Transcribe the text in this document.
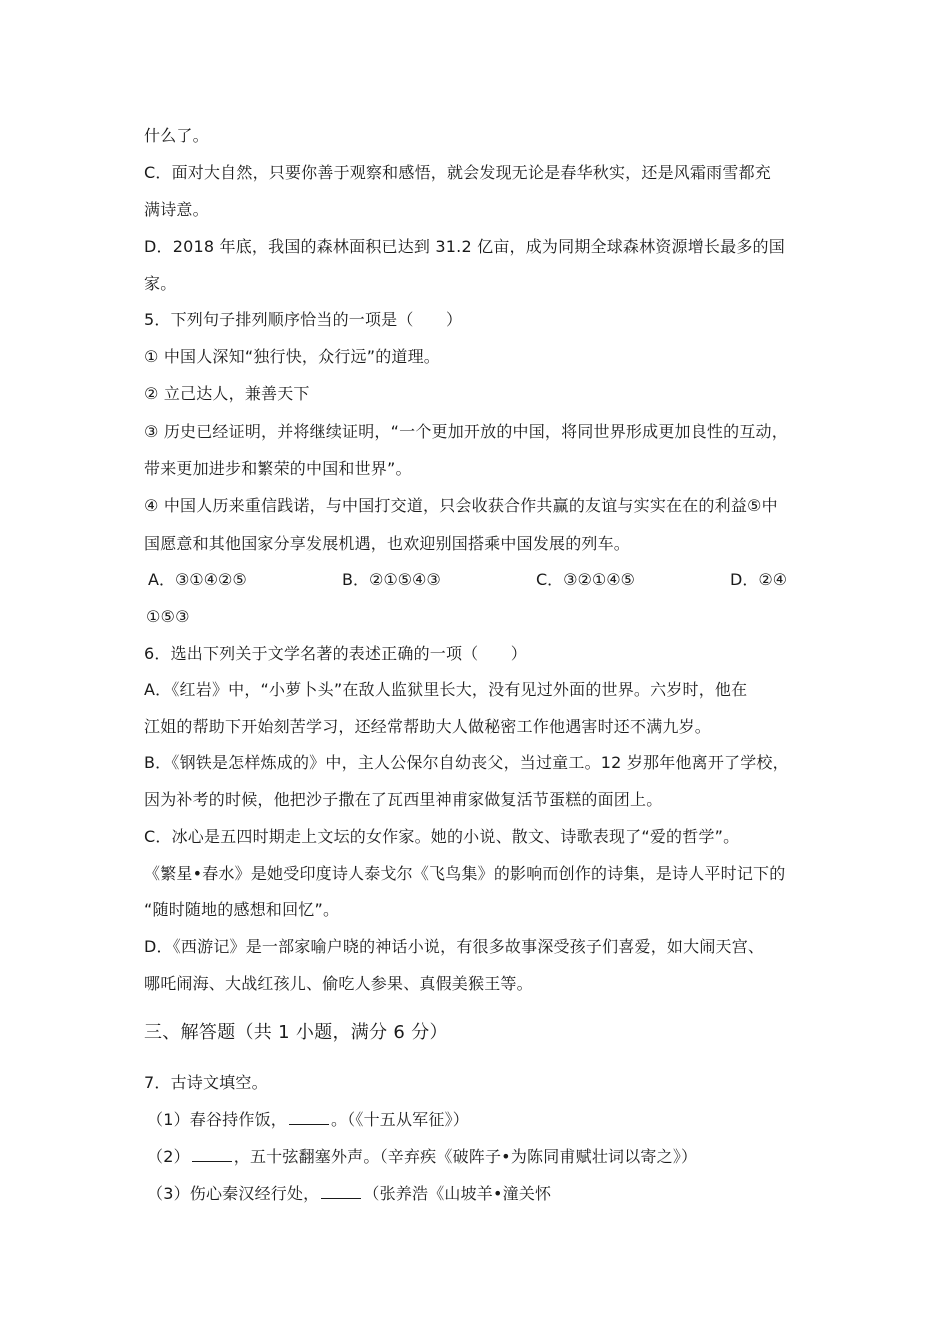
什么了。
C．面对大自然，只要你善于观察和感悟，就会发现无论是春华秋实，还是风霜雨雪都充
满诗意。
D．2018 年底，我国的森林面积已达到 31.2 亿亩，成为同期全球森林资源增长最多的国
家。
5．下列句子排列顺序恰当的一项是（　　）
① 中国人深知“独行快，众行远”的道理。
② 立己达人，兼善天下
③ 历史已经证明，并将继续证明，“一个更加开放的中国，将同世界形成更加良性的互动，
带来更加进步和繁荣的中国和世界”。
④ 中国人历来重信践诺，与中国打交道，只会收获合作共赢的友谊与实实在在的利益⑤中
国愿意和其他国家分享发展机遇，也欢迎别国搭乘中国发展的列车。
A．③①④②⑤	B．②①⑤④③	C．③②①④⑤	D．②④
①⑤③
6．选出下列关于文学名著的表述正确的一项（　　）
A．《红岩》中，“小萝卜头”在敌人监狱里长大，没有见过外面的世界。六岁时，他在
江姐的帮助下开始刻苦学习，还经常帮助大人做秘密工作他遇害时还不满九岁。
B．《钢铁是怎样炼成的》中，主人公保尔自幼丧父，当过童工。12 岁那年他离开了学校，
因为补考的时候，他把沙子撒在了瓦西里神甫家做复活节蛋糕的面团上。
C．冰心是五四时期走上文坛的女作家。她的小说、散文、诗歌表现了“爱的哲学”。
《繁星•春水》是她受印度诗人泰戈尔《飞鸟集》的影响而创作的诗集，是诗人平时记下的
“随时随地的感想和回忆”。
D．《西游记》是一部家喻户晓的神话小说，有很多故事深受孩子们喜爱，如大闹天宫、
哪吒闹海、大战红孩儿、偷吃人参果、真假美猴王等。
三、解答题（共 1 小题，满分 6 分）
7．古诗文填空。
（1）春谷持作饭，	。（《十五从军征》）
（2）	，五十弦翻塞外声。（辛弃疾《破阵子•为陈同甫赋壮词以寄之》）
（3）伤心秦汉经行处，	（张养浩《山坡羊•潼关怀
